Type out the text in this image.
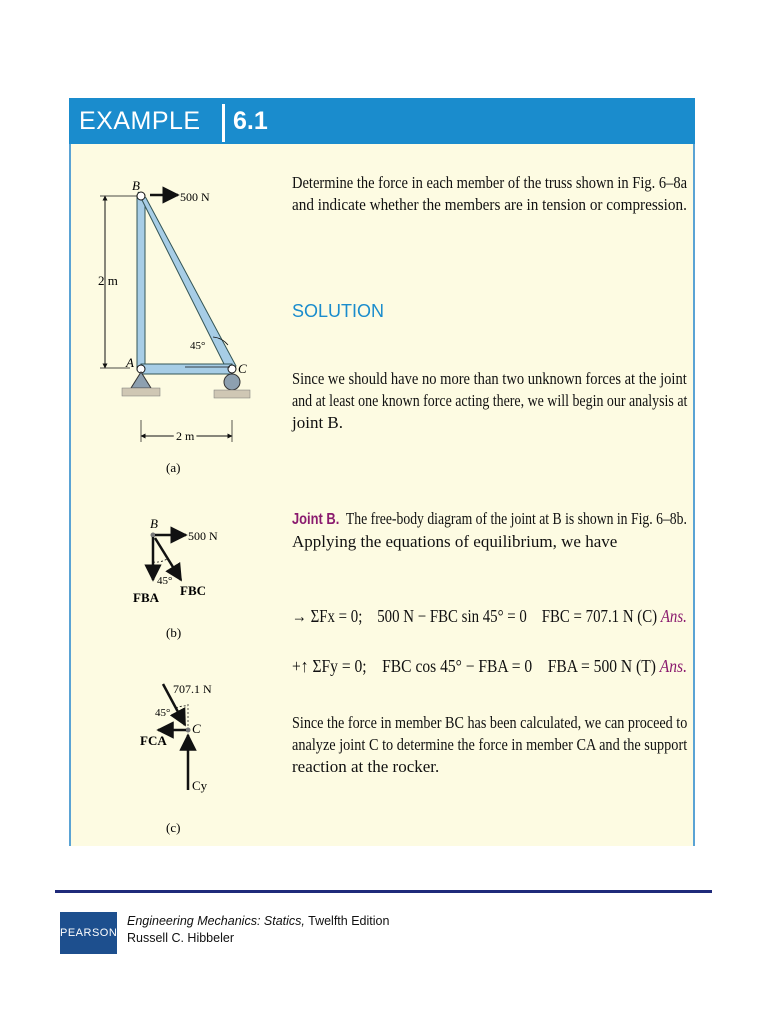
EXAMPLE 6.1
Determine the force in each member of the truss shown in Fig. 6–8a
and indicate whether the members are in tension or compression.
SOLUTION
Since we should have no more than two unknown forces at the joint
and at least one known force acting there, we will begin our analysis at
joint B.
Joint B. The free-body diagram of the joint at B is shown in Fig. 6–8b.
Applying the equations of equilibrium, we have
→ ΣFx = 0; 500 N − FBC sin 45° = 0 FBC = 707.1 N (C) Ans.
+↑ ΣFy = 0; FBC cos 45° − FBA = 0 FBA = 500 N (T) Ans.
Since the force in member BC has been calculated, we can proceed to
analyze joint C to determine the force in member CA and the support
reaction at the rocker.
B
500 N
2 m
45°
A	C
2 m
(a)
B
500 N
45°
FBA FBC
(b)
707.1 N
45°
C
FCA
Cy
(c)
PEARSON
Engineering Mechanics: Statics, Twelfth Edition
Russell C. Hibbeler
